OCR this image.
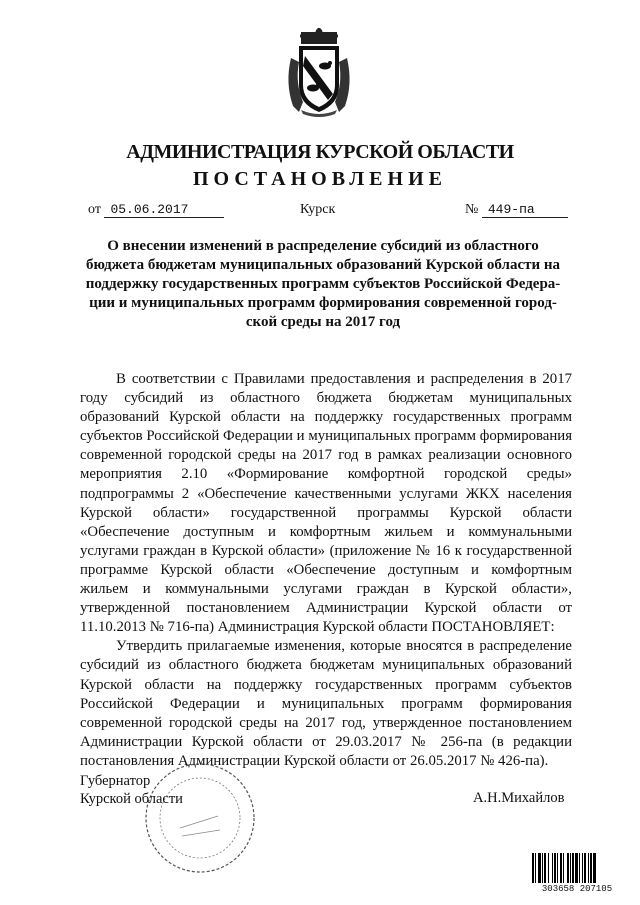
АДМИНИСТРАЦИЯ КУРСКОЙ ОБЛАСТИ
ПОСТАНОВЛЕНИЕ
от 05.06.2017	Курск	№ 449-па
О внесении изменений в распределение субсидий из областного
бюджета бюджетам муниципальных образований Курской области на
поддержку государственных программ субъектов Российской Федера-
ции и муниципальных программ формирования современной город-
ской среды на 2017 год

В соответствии с Правилами предоставления и распределения в 2017 году субсидий из областного бюджета бюджетам муниципальных образований Курской области на поддержку государственных программ субъектов Российской Федерации и муниципальных программ формирования современной городской среды на 2017 год в рамках реализации основного мероприятия 2.10 «Формирование комфортной городской среды» подпрограммы 2 «Обеспечение качественными услугами ЖКХ населения Курской области» государственной программы Курской области «Обеспечение доступным и комфортным жильем и коммунальными услугами граждан в Курской области» (приложение № 16 к государственной программе Курской области «Обеспечение доступным и комфортным жильем и коммунальными услугами граждан в Курской области», утвержденной постановлением Администрации Курской области от 11.10.2013 № 716-па) Администрация Курской области ПОСТАНОВЛЯЕТ:

Утвердить прилагаемые изменения, которые вносятся в распределение субсидий из областного бюджета бюджетам муниципальных образований Курской области на поддержку государственных программ субъектов Российской Федерации и муниципальных программ формирования современной городской среды на 2017 год, утвержденное постановлением Администрации Курской области от 29.03.2017 № 256-па (в редакции постановления Администрации Курской области от 26.05.2017 № 426-па).

Губернатор
Курской области	А.Н.Михайлов
303658 207105
